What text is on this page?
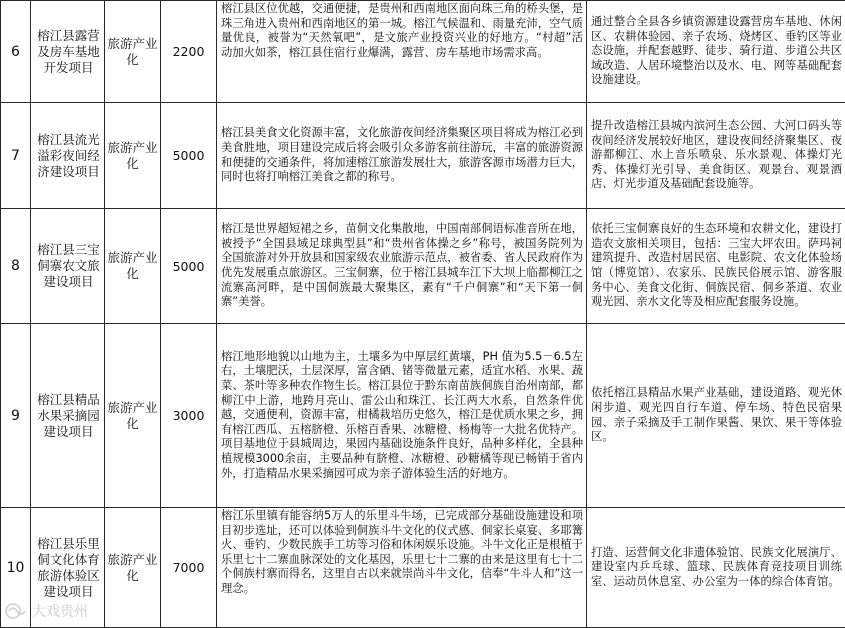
6	榕江县露营及房车基地开发项目	旅游产业化	2200	榕江县区位优越，交通便捷，是贵州和西南地区面向珠三角的桥头堡，是珠三角进入贵州和西南地区的第一城。榕江气候温和、雨量充沛，空气质量优良，被誉为“天然氧吧”，是文旅产业投资兴业的好地方。“村超”活动加火如茶，榕江县住宿行业爆满，露营、房车基地市场需求高。	通过整合全县各乡镇资源建设露营房车基地、休闲区、农耕体验园、亲子农场、烧烤区、垂钓区等业态设施，并配套越野、徒步、骑行道、步道公共区域改造、人居环境整治以及水、电、网等基础配套设施建设。
7	榕江县流光溢彩夜间经济建设项目	旅游产业化	5000	榕江县美食文化资源丰富，文化旅游夜间经济集聚区项目将成为榕江必到美食胜地，项目建设完成后将会吸引众多游客前往游玩，丰富的旅游资源和便捷的交通条件，将加速榕江旅游发展壮大，旅游客源市场潜力巨大，同时也将打响榕江美食之都的称号。	提升改造榕江县城内滨河生态公园、大河口码头等夜间经济发展较好地区，建设夜间经济聚集区、夜游都柳江、水上音乐喷泉、乐水景观、体操灯光秀、体操灯光引导、美食街区、观景台、观景酒店、灯光步道及基础配套设施等。
8	榕江县三宝侗寨农文旅建设项目	旅游产业化	5000	榕江是世界超短裙之乡，苗侗文化集散地，中国南部侗语标准音所在地，被授予“全国县域足球典型县”和“贵州省体操之乡”称号，被国务院列为全国旅游对外开放县和国家级农业旅游示范点，被省委、省人民政府作为优先发展重点旅游区。三宝侗寨，位于榕江县城车江下大坝上临都柳江之流寨高河畔，是中国侗族最大聚集区，素有“千户侗寨”和“天下第一侗寨”美誉。	依托三宝侗寨良好的生态环境和农耕文化，建设打造农文旅相关项目，包括：三宝大坪农田。萨玛祠建筑提升、改造村居民宿、电影院、农文化体验场馆（博览馆）、农家乐、民族民俗展示馆、游客服务中心、美食文化街、侗族民宿、侗乡茶道、农业观光园、亲水文化等及相应配套服务设施。
9	榕江县精品水果采摘园建设项目	旅游产业化	3000	榕江地形地貌以山地为主，土壤多为中厚层红黄壤，PH 值为5.5－6.5左右，土壤肥沃，土层深厚，富含硒、锗等微量元素，适宜水稻、水果、蔬菜、茶叶等多种农作物生长。榕江县位于黔东南苗族侗族自治州南部，都柳江中上游，地跨月亮山、雷公山和珠江、长江两大水系，自然条件优越，交通便利，资源丰富，柑橘栽培历史悠久，榕江是优质水果之乡，拥有榕江西瓜、五榕脐橙、乐榕百香果、冰糖橙、杨梅等一大批名优特产。项目基地位于县城周边，果园内基础设施条件良好，品种多样化，全县种植规模3000余亩，主要品种有脐橙、冰糖橙、砂糖橘等现已畅销于省内外，打造精品水果采摘园可成为亲子游体验生活的好地方。	依托榕江县精品水果产业基础，建设道路、观光休闲步道、观光四自行车道、停车场、特色民宿果园、亲子采摘及手工制作果酱、果饮、果干等体验区。
10	榕江县乐里侗文化体育旅游体验区建设项目	旅游产业化	7000	榕江乐里镇有能容纳5万人的乐里斗牛场，已完成部分基础设施建设和项目初步选址，还可以体验到侗族斗牛文化的仪式感、侗家长桌宴、多耶篝火、垂钓、少数民族手工坊等习俗和休闲娱乐设施。斗牛文化正是根植于乐里七十二寨血脉深处的文化基因，乐里七十二寨的由来是这里有七十二个侗族村寨而得名，这里自古以来就崇尚斗牛文化，信奉“牛斗人和”这一理念。	打造、运营侗文化非遗体验馆、民族文化展演厅、建设室内乒乓球、篮球、民族体育竞技项目训练室、运动员休息室、办公室为一体的综合体育馆。
大戏贵州
